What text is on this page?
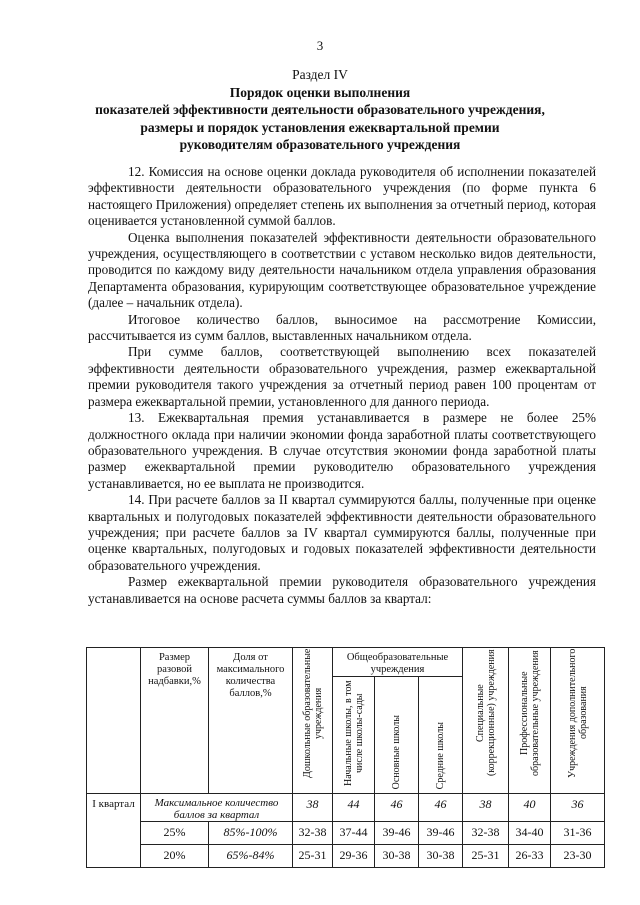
3
Раздел IV
Порядок оценки выполнения
показателей эффективности деятельности образовательного учреждения,
размеры и порядок установления ежеквартальной премии
руководителям образовательного учреждения

12. Комиссия на основе оценки доклада руководителя об исполнении показателей эффективности деятельности образовательного учреждения (по форме пункта 6 настоящего Приложения) определяет степень их выполнения за отчетный период, которая оценивается установленной суммой баллов.

Оценка выполнения показателей эффективности деятельности образовательного учреждения, осуществляющего в соответствии с уставом несколько видов деятельности, проводится по каждому виду деятельности начальником отдела управления образования Департамента образования, курирующим соответствующее образовательное учреждение (далее – начальник отдела).

Итоговое количество баллов, выносимое на рассмотрение Комиссии, рассчитывается из сумм баллов, выставленных начальником отдела.

При сумме баллов, соответствующей выполнению всех показателей эффективности деятельности образовательного учреждения, размер ежеквартальной премии руководителя такого учреждения за отчетный период равен 100 процентам от размера ежеквартальной премии, установленного для данного периода.

13. Ежеквартальная премия устанавливается в размере не более 25% должностного оклада при наличии экономии фонда заработной платы соответствующего образовательного учреждения. В случае отсутствия экономии фонда заработной платы размер ежеквартальной премии руководителю образовательного учреждения устанавливается, но ее выплата не производится.

14. При расчете баллов за II квартал суммируются баллы, полученные при оценке квартальных и полугодовых показателей эффективности деятельности образовательного учреждения; при расчете баллов за IV квартал суммируются баллы, полученные при оценке квартальных, полугодовых и годовых показателей эффективности деятельности образовательного учреждения.

Размер ежеквартальной премии руководителя образовательного учреждения устанавливается на основе расчета суммы баллов за квартал:

	Размер разовой надбавки,%	Доля от максимального количества баллов,%	Дошкольные образовательные учреждения	Общеобразовательные учреждения			Специальные (коррекционные) учреждения	Профессиональные образовательные учреждения	Учреждения дополнительного образования

				Начальные школы, в том числе школы-сады	Основные школы	Средние школы			

I квартал	Максимальное количество баллов за квартал		38	44	46	46	38	40	36
	25%	85%-100%	32-38	37-44	39-46	39-46	32-38	34-40	31-36
	20%	65%-84%	25-31	29-36	30-38	30-38	25-31	26-33	23-30
